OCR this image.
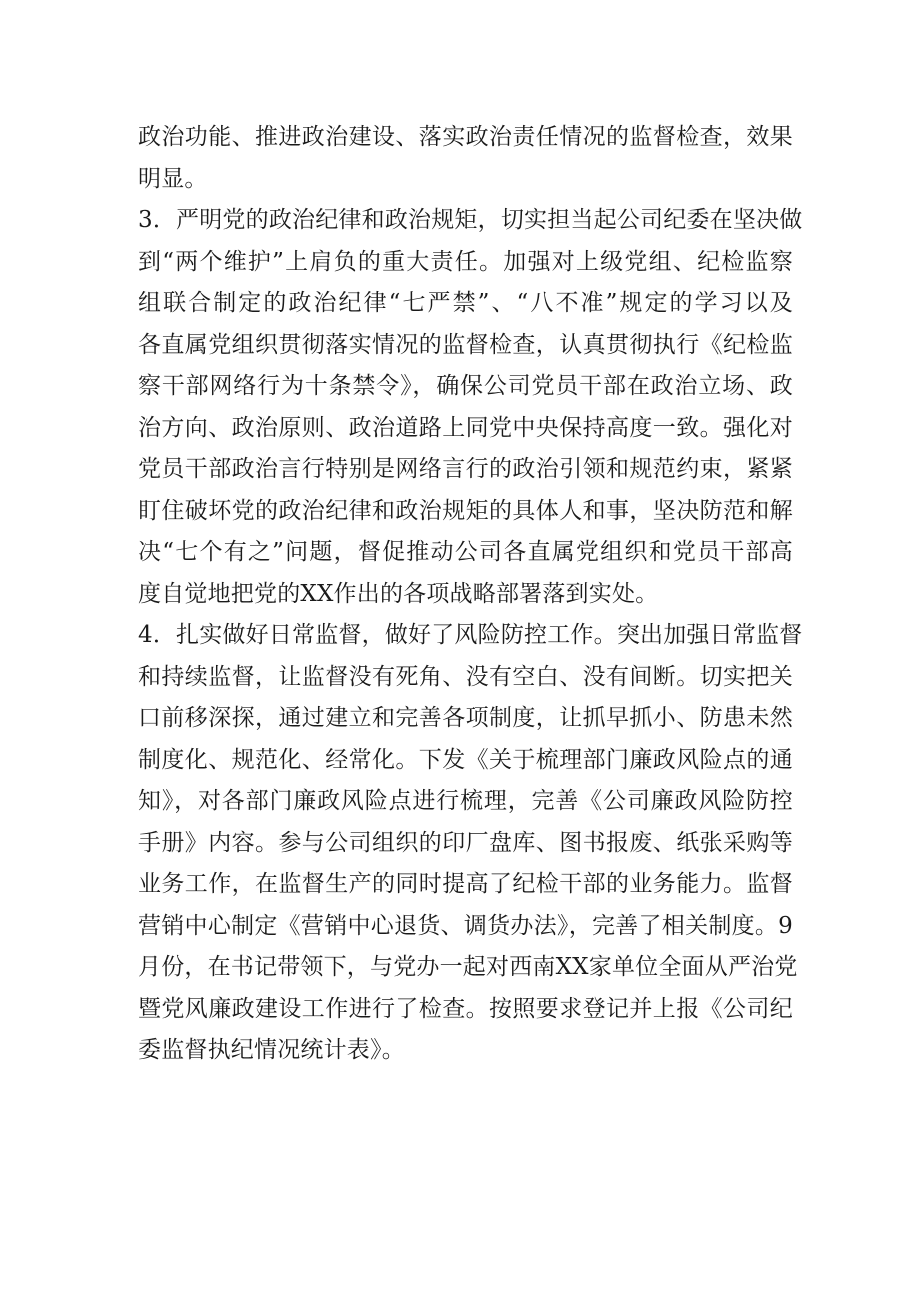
政治功能、推进政治建设、落实政治责任情况的监督检查，效果
明显。
3．严明党的政治纪律和政治规矩，切实担当起公司纪委在坚决做
到“两个维护”上肩负的重大责任。加强对上级党组、纪检监察
组联合制定的政治纪律“七严禁”、“八不准”规定的学习以及
各直属党组织贯彻落实情况的监督检查，认真贯彻执行《纪检监
察干部网络行为十条禁令》，确保公司党员干部在政治立场、政
治方向、政治原则、政治道路上同党中央保持高度一致。强化对
党员干部政治言行特别是网络言行的政治引领和规范约束，紧紧
盯住破坏党的政治纪律和政治规矩的具体人和事，坚决防范和解
决“七个有之”问题，督促推动公司各直属党组织和党员干部高
度自觉地把党的XX作出的各项战略部署落到实处。
4．扎实做好日常监督，做好了风险防控工作。突出加强日常监督
和持续监督，让监督没有死角、没有空白、没有间断。切实把关
口前移深探，通过建立和完善各项制度，让抓早抓小、防患未然
制度化、规范化、经常化。下发《关于梳理部门廉政风险点的通
知》，对各部门廉政风险点进行梳理，完善《公司廉政风险防控
手册》内容。参与公司组织的印厂盘库、图书报废、纸张采购等
业务工作，在监督生产的同时提高了纪检干部的业务能力。监督
营销中心制定《营销中心退货、调货办法》，完善了相关制度。9
月份，在书记带领下，与党办一起对西南XX家单位全面从严治党
暨党风廉政建设工作进行了检查。按照要求登记并上报《公司纪
委监督执纪情况统计表》。
